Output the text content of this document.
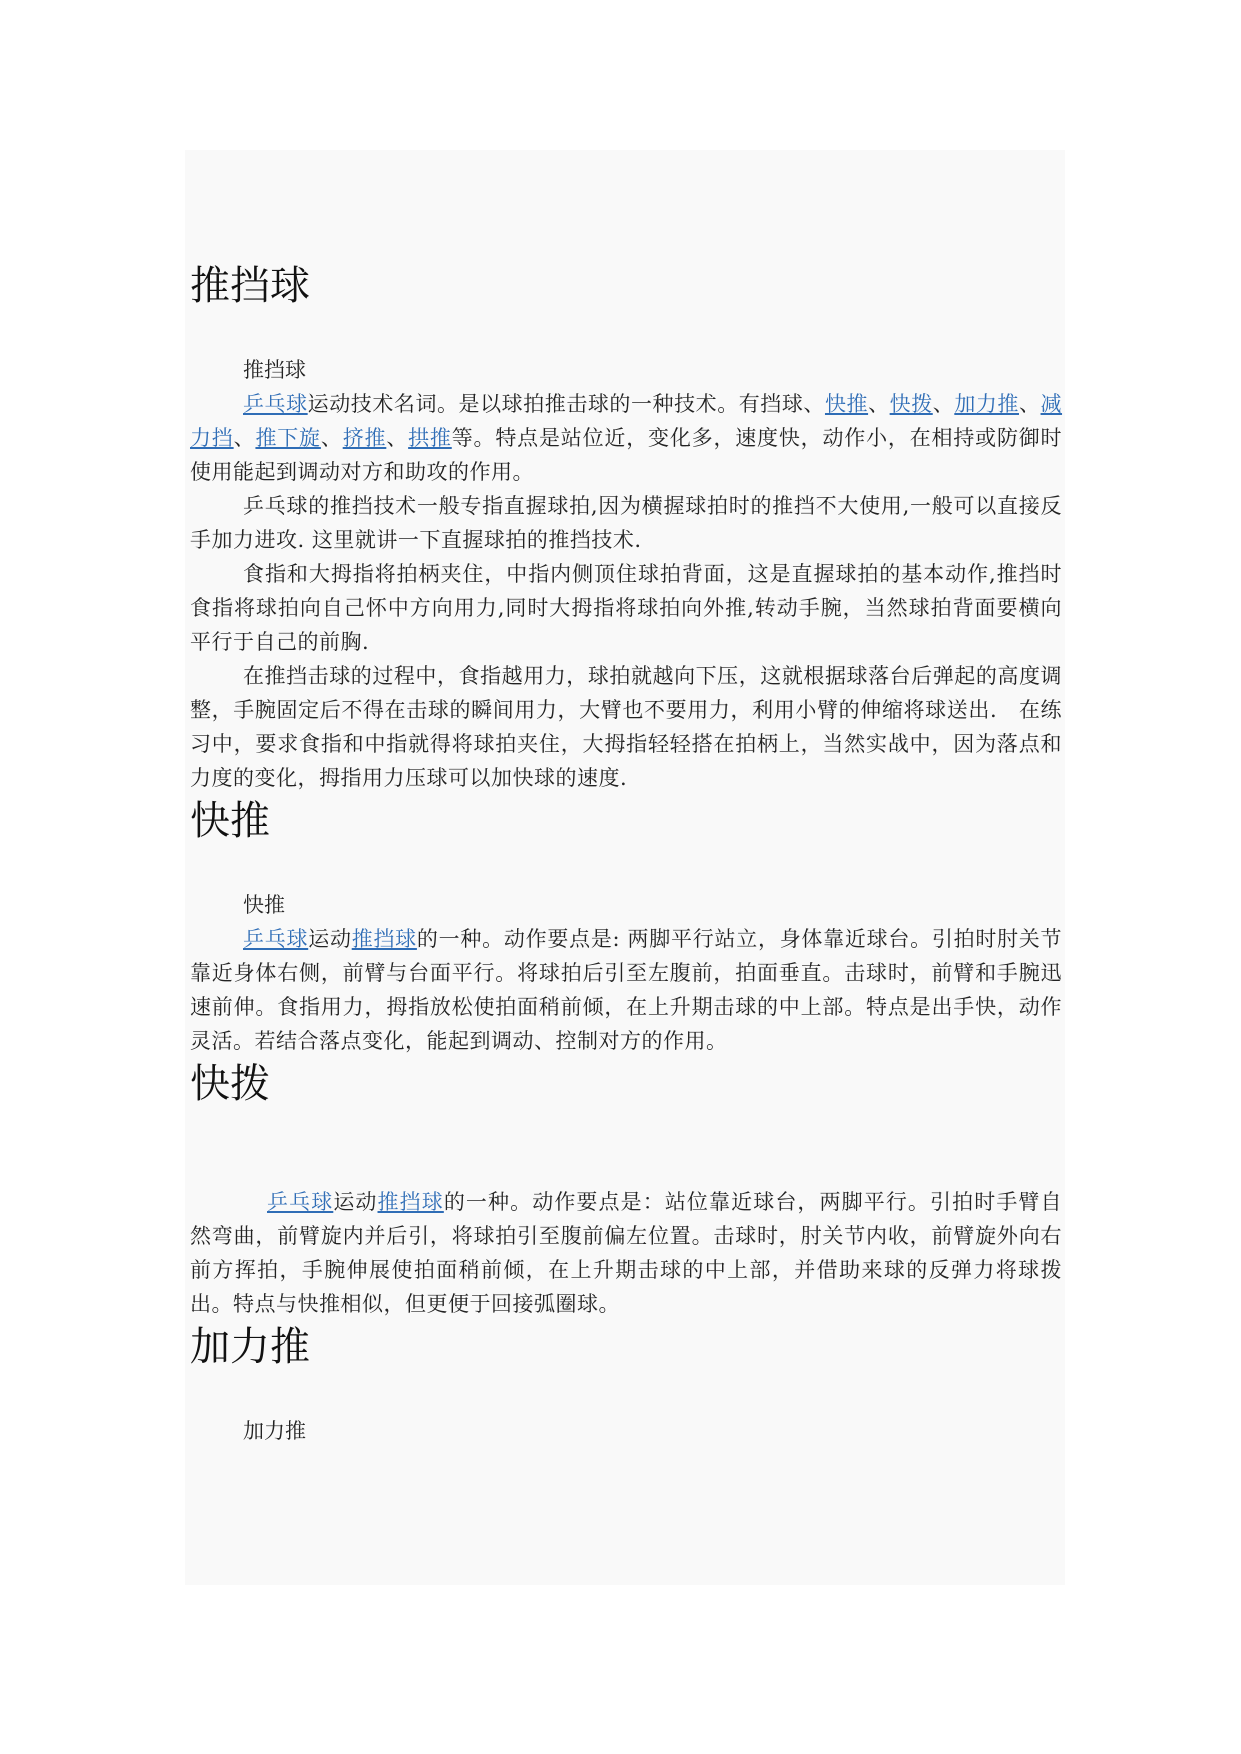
推挡球
推挡球

乒乓球运动技术名词。是以球拍推击球的一种技术。有挡球、快推、快拨、加力推、减力挡、推下旋、挤推、拱推等。特点是站位近，变化多，速度快，动作小，在相持或防御时使用能起到调动对方和助攻的作用。

乒乓球的推挡技术一般专指直握球拍,因为横握球拍时的推挡不大使用,一般可以直接反手加力进攻. 这里就讲一下直握球拍的推挡技术.

食指和大拇指将拍柄夹住，中指内侧顶住球拍背面，这是直握球拍的基本动作,推挡时食指将球拍向自己怀中方向用力,同时大拇指将球拍向外推,转动手腕，当然球拍背面要横向平行于自己的前胸.

在推挡击球的过程中，食指越用力，球拍就越向下压，这就根据球落台后弹起的高度调整，手腕固定后不得在击球的瞬间用力，大臂也不要用力，利用小臂的伸缩将球送出.　在练习中，要求食指和中指就得将球拍夹住，大拇指轻轻搭在拍柄上，当然实战中，因为落点和力度的变化，拇指用力压球可以加快球的速度.

快推
快推

乒乓球运动推挡球的一种。动作要点是: 两脚平行站立，身体靠近球台。引拍时肘关节靠近身体右侧，前臂与台面平行。将球拍后引至左腹前，拍面垂直。击球时，前臂和手腕迅速前伸。食指用力，拇指放松使拍面稍前倾，在上升期击球的中上部。特点是出手快，动作灵活。若结合落点变化，能起到调动、控制对方的作用。

快拨

乒乓球运动推挡球的一种。动作要点是：站位靠近球台，两脚平行。引拍时手臂自然弯曲，前臂旋内并后引，将球拍引至腹前偏左位置。击球时，肘关节内收，前臂旋外向右前方挥拍，手腕伸展使拍面稍前倾，在上升期击球的中上部，并借助来球的反弹力将球拨出。特点与快推相似，但更便于回接弧圈球。

加力推
加力推
